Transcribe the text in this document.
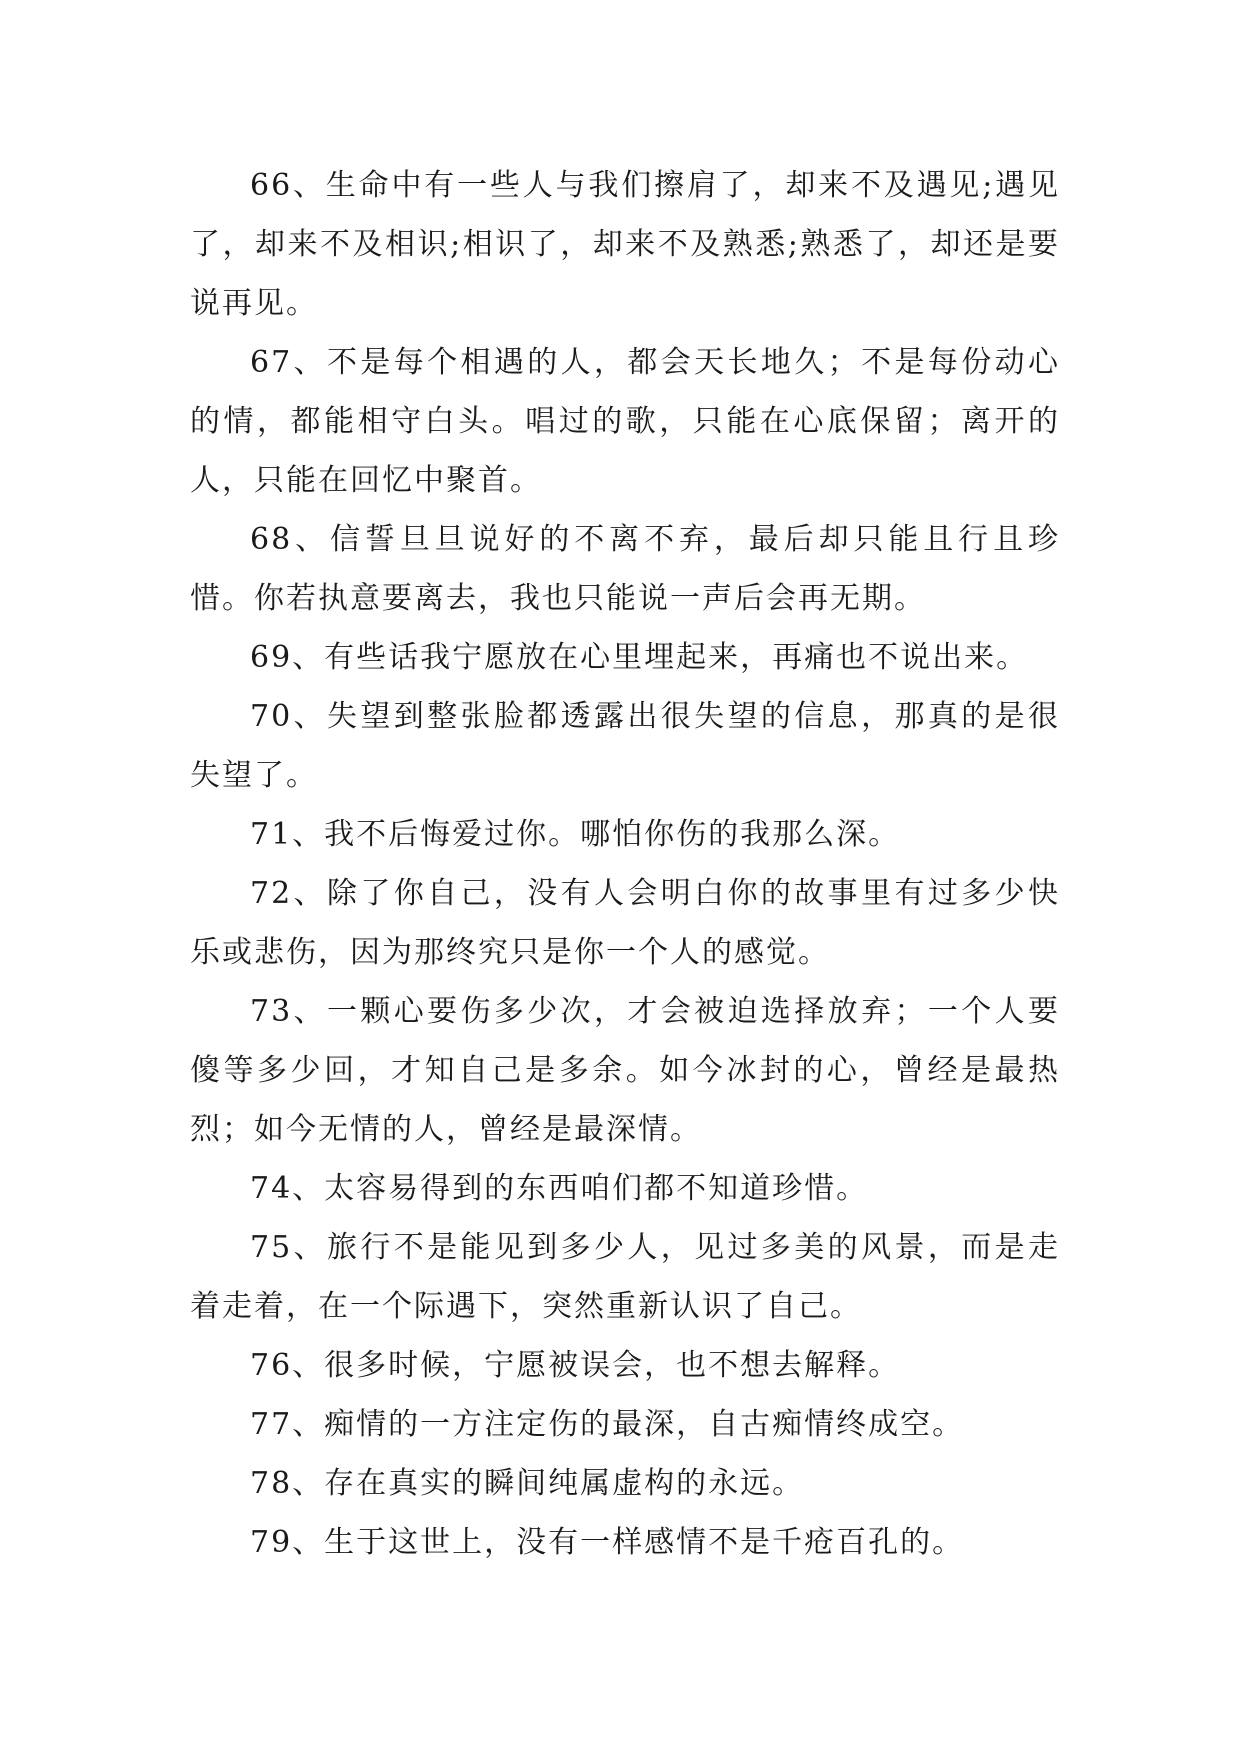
66、生命中有一些人与我们擦肩了，却来不及遇见;遇见了，却来不及相识;相识了，却来不及熟悉;熟悉了，却还是要说再见。

67、不是每个相遇的人，都会天长地久；不是每份动心的情，都能相守白头。唱过的歌，只能在心底保留；离开的人，只能在回忆中聚首。

68、信誓旦旦说好的不离不弃，最后却只能且行且珍惜。你若执意要离去，我也只能说一声后会再无期。

69、有些话我宁愿放在心里埋起来，再痛也不说出来。

70、失望到整张脸都透露出很失望的信息，那真的是很失望了。

71、我不后悔爱过你。哪怕你伤的我那么深。

72、除了你自己，没有人会明白你的故事里有过多少快乐或悲伤，因为那终究只是你一个人的感觉。

73、一颗心要伤多少次，才会被迫选择放弃；一个人要傻等多少回，才知自己是多余。如今冰封的心，曾经是最热烈；如今无情的人，曾经是最深情。

74、太容易得到的东西咱们都不知道珍惜。

75、旅行不是能见到多少人，见过多美的风景，而是走着走着，在一个际遇下，突然重新认识了自己。

76、很多时候，宁愿被误会，也不想去解释。

77、痴情的一方注定伤的最深，自古痴情终成空。

78、存在真实的瞬间纯属虚构的永远。

79、生于这世上，没有一样感情不是千疮百孔的。
